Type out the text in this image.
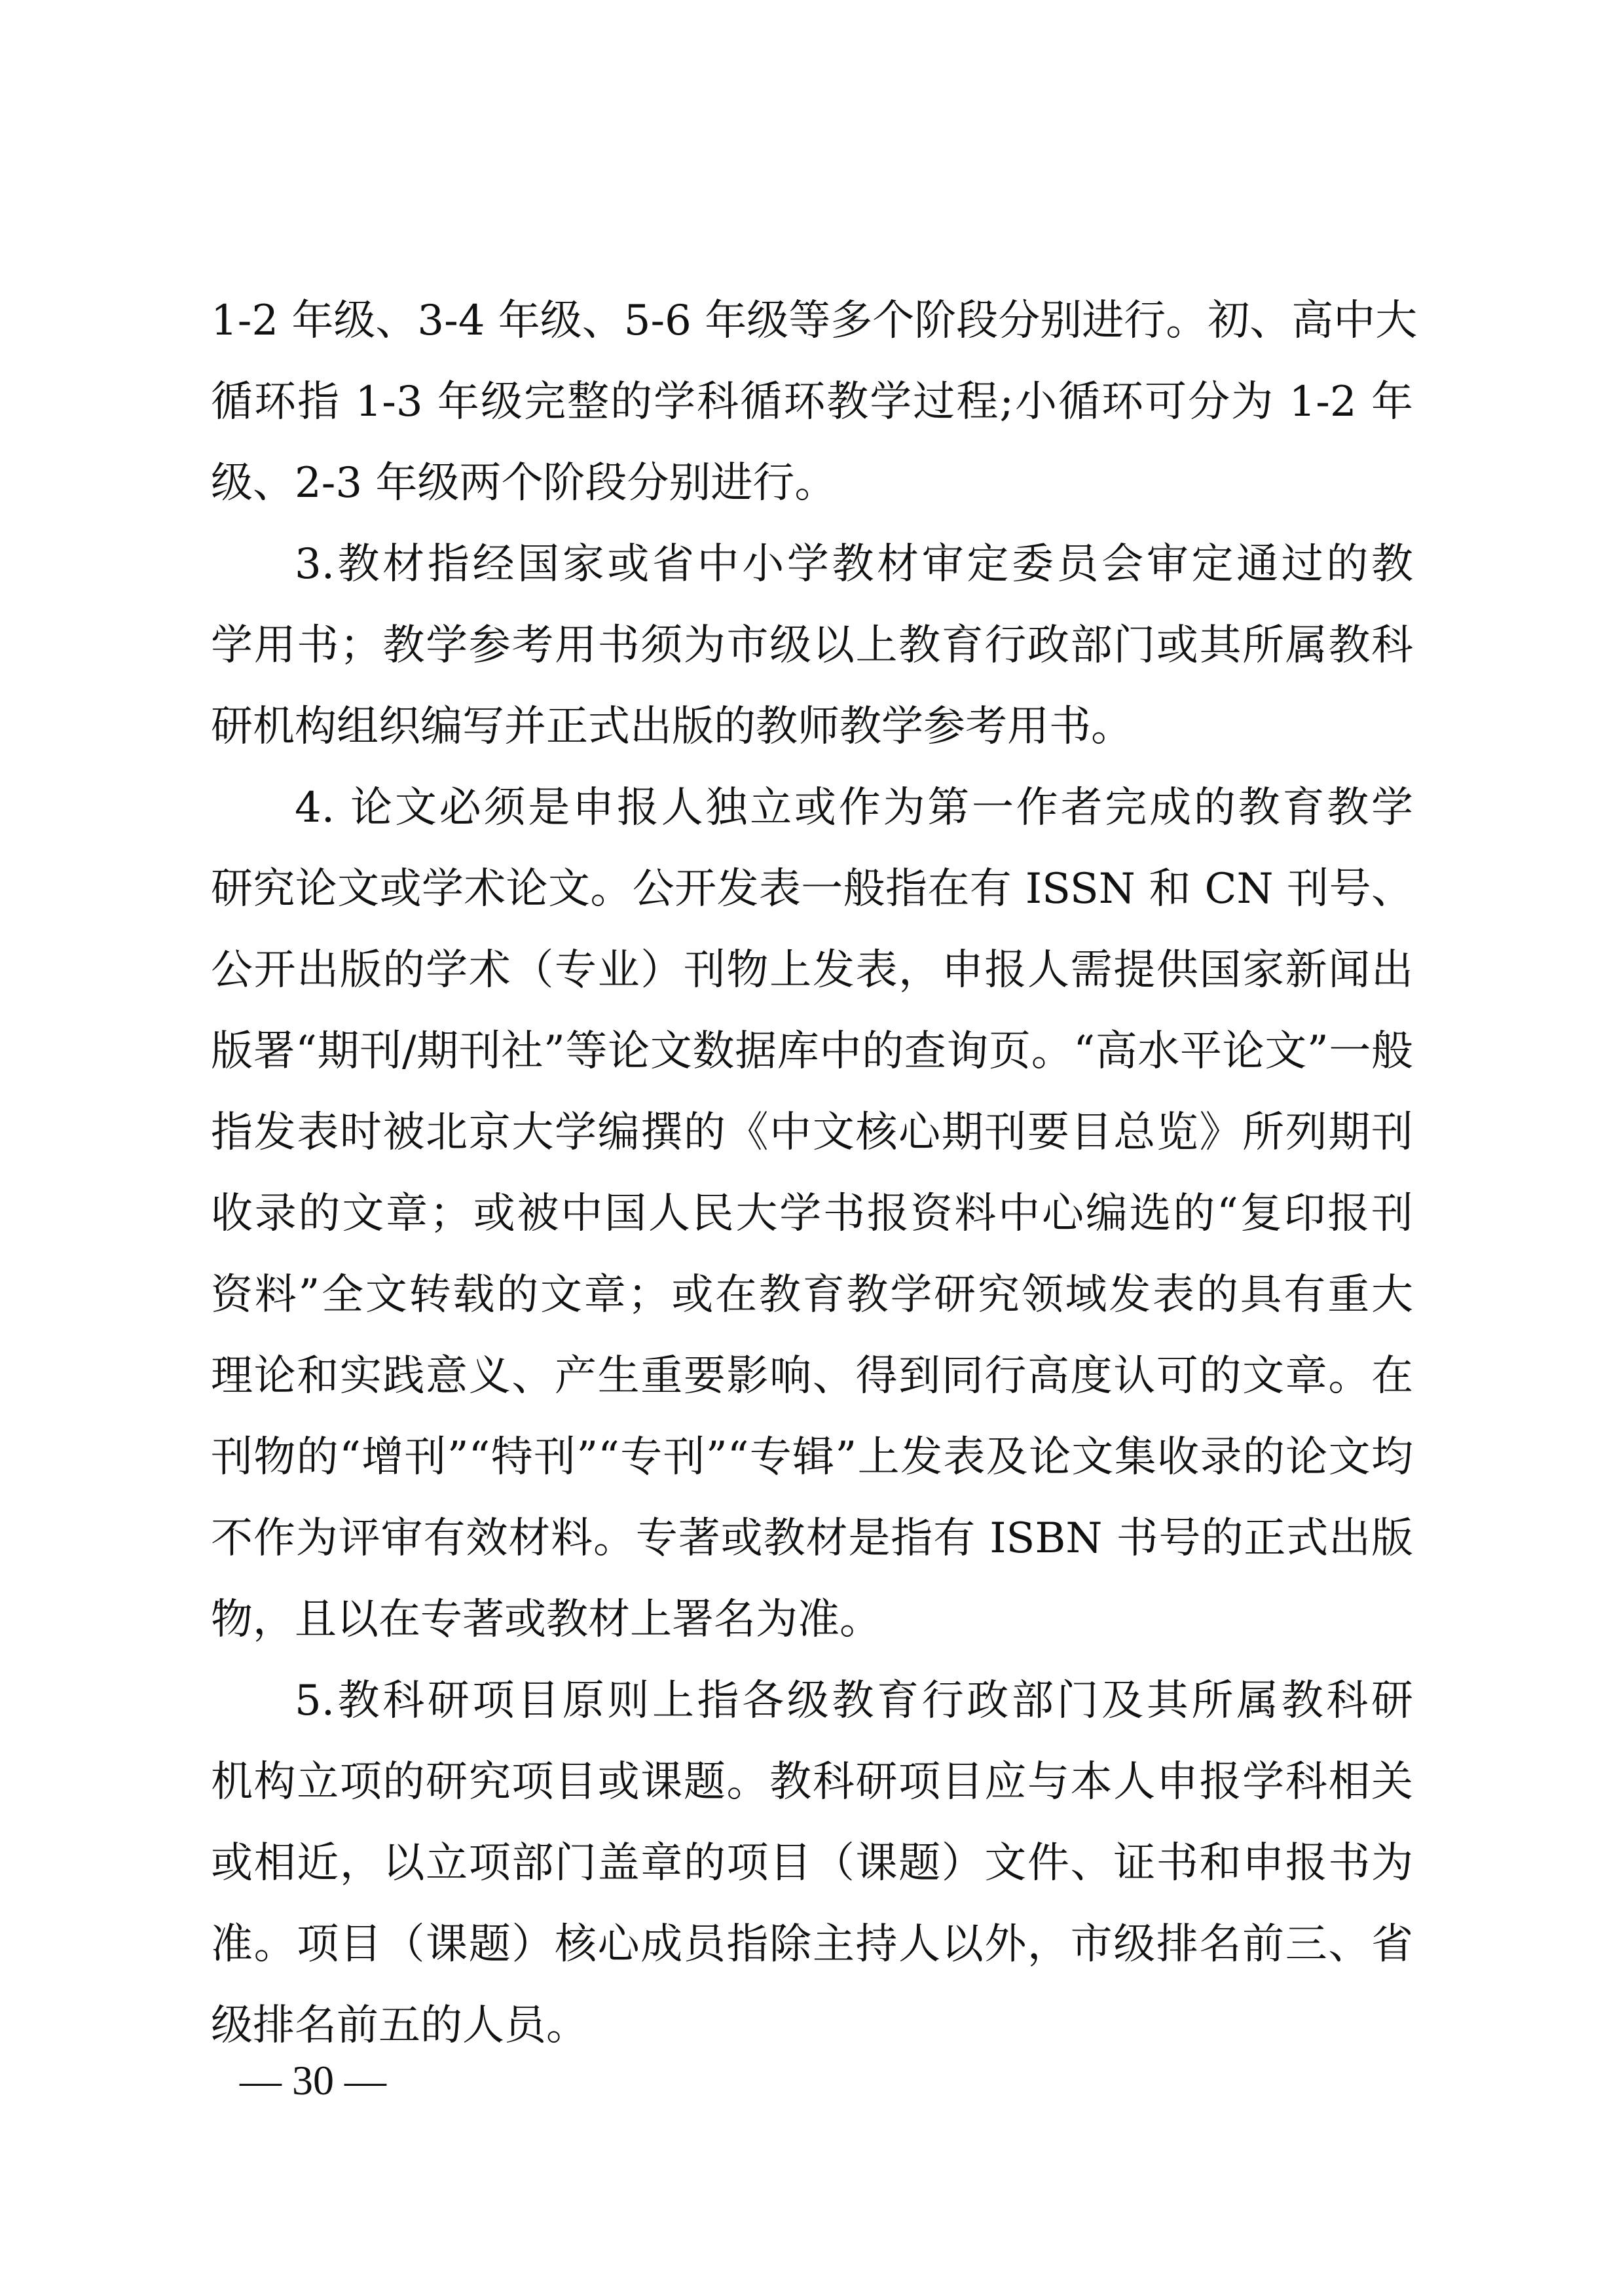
1-2 年级、3-4 年级、5-6 年级等多个阶段分别进行。初、高中大
循环指 1-3 年级完整的学科循环教学过程;小循环可分为 1-2 年
级、2-3 年级两个阶段分别进行。
3.教材指经国家或省中小学教材审定委员会审定通过的教
学用书；教学参考用书须为市级以上教育行政部门或其所属教科
研机构组织编写并正式出版的教师教学参考用书。
4. 论文必须是申报人独立或作为第一作者完成的教育教学
研究论文或学术论文。公开发表一般指在有 ISSN 和 CN 刊号、
公开出版的学术（专业）刊物上发表，申报人需提供国家新闻出
版署“期刊/期刊社”等论文数据库中的查询页。“高水平论文”一般
指发表时被北京大学编撰的《中文核心期刊要目总览》所列期刊
收录的文章；或被中国人民大学书报资料中心编选的“复印报刊
资料”全文转载的文章；或在教育教学研究领域发表的具有重大
理论和实践意义、产生重要影响、得到同行高度认可的文章。在
刊物的“增刊”“特刊”“专刊”“专辑”上发表及论文集收录的论文均
不作为评审有效材料。专著或教材是指有 ISBN 书号的正式出版
物，且以在专著或教材上署名为准。
5.教科研项目原则上指各级教育行政部门及其所属教科研
机构立项的研究项目或课题。教科研项目应与本人申报学科相关
或相近，以立项部门盖章的项目（课题）文件、证书和申报书为
准。项目（课题）核心成员指除主持人以外，市级排名前三、省
级排名前五的人员。
— 30 —
